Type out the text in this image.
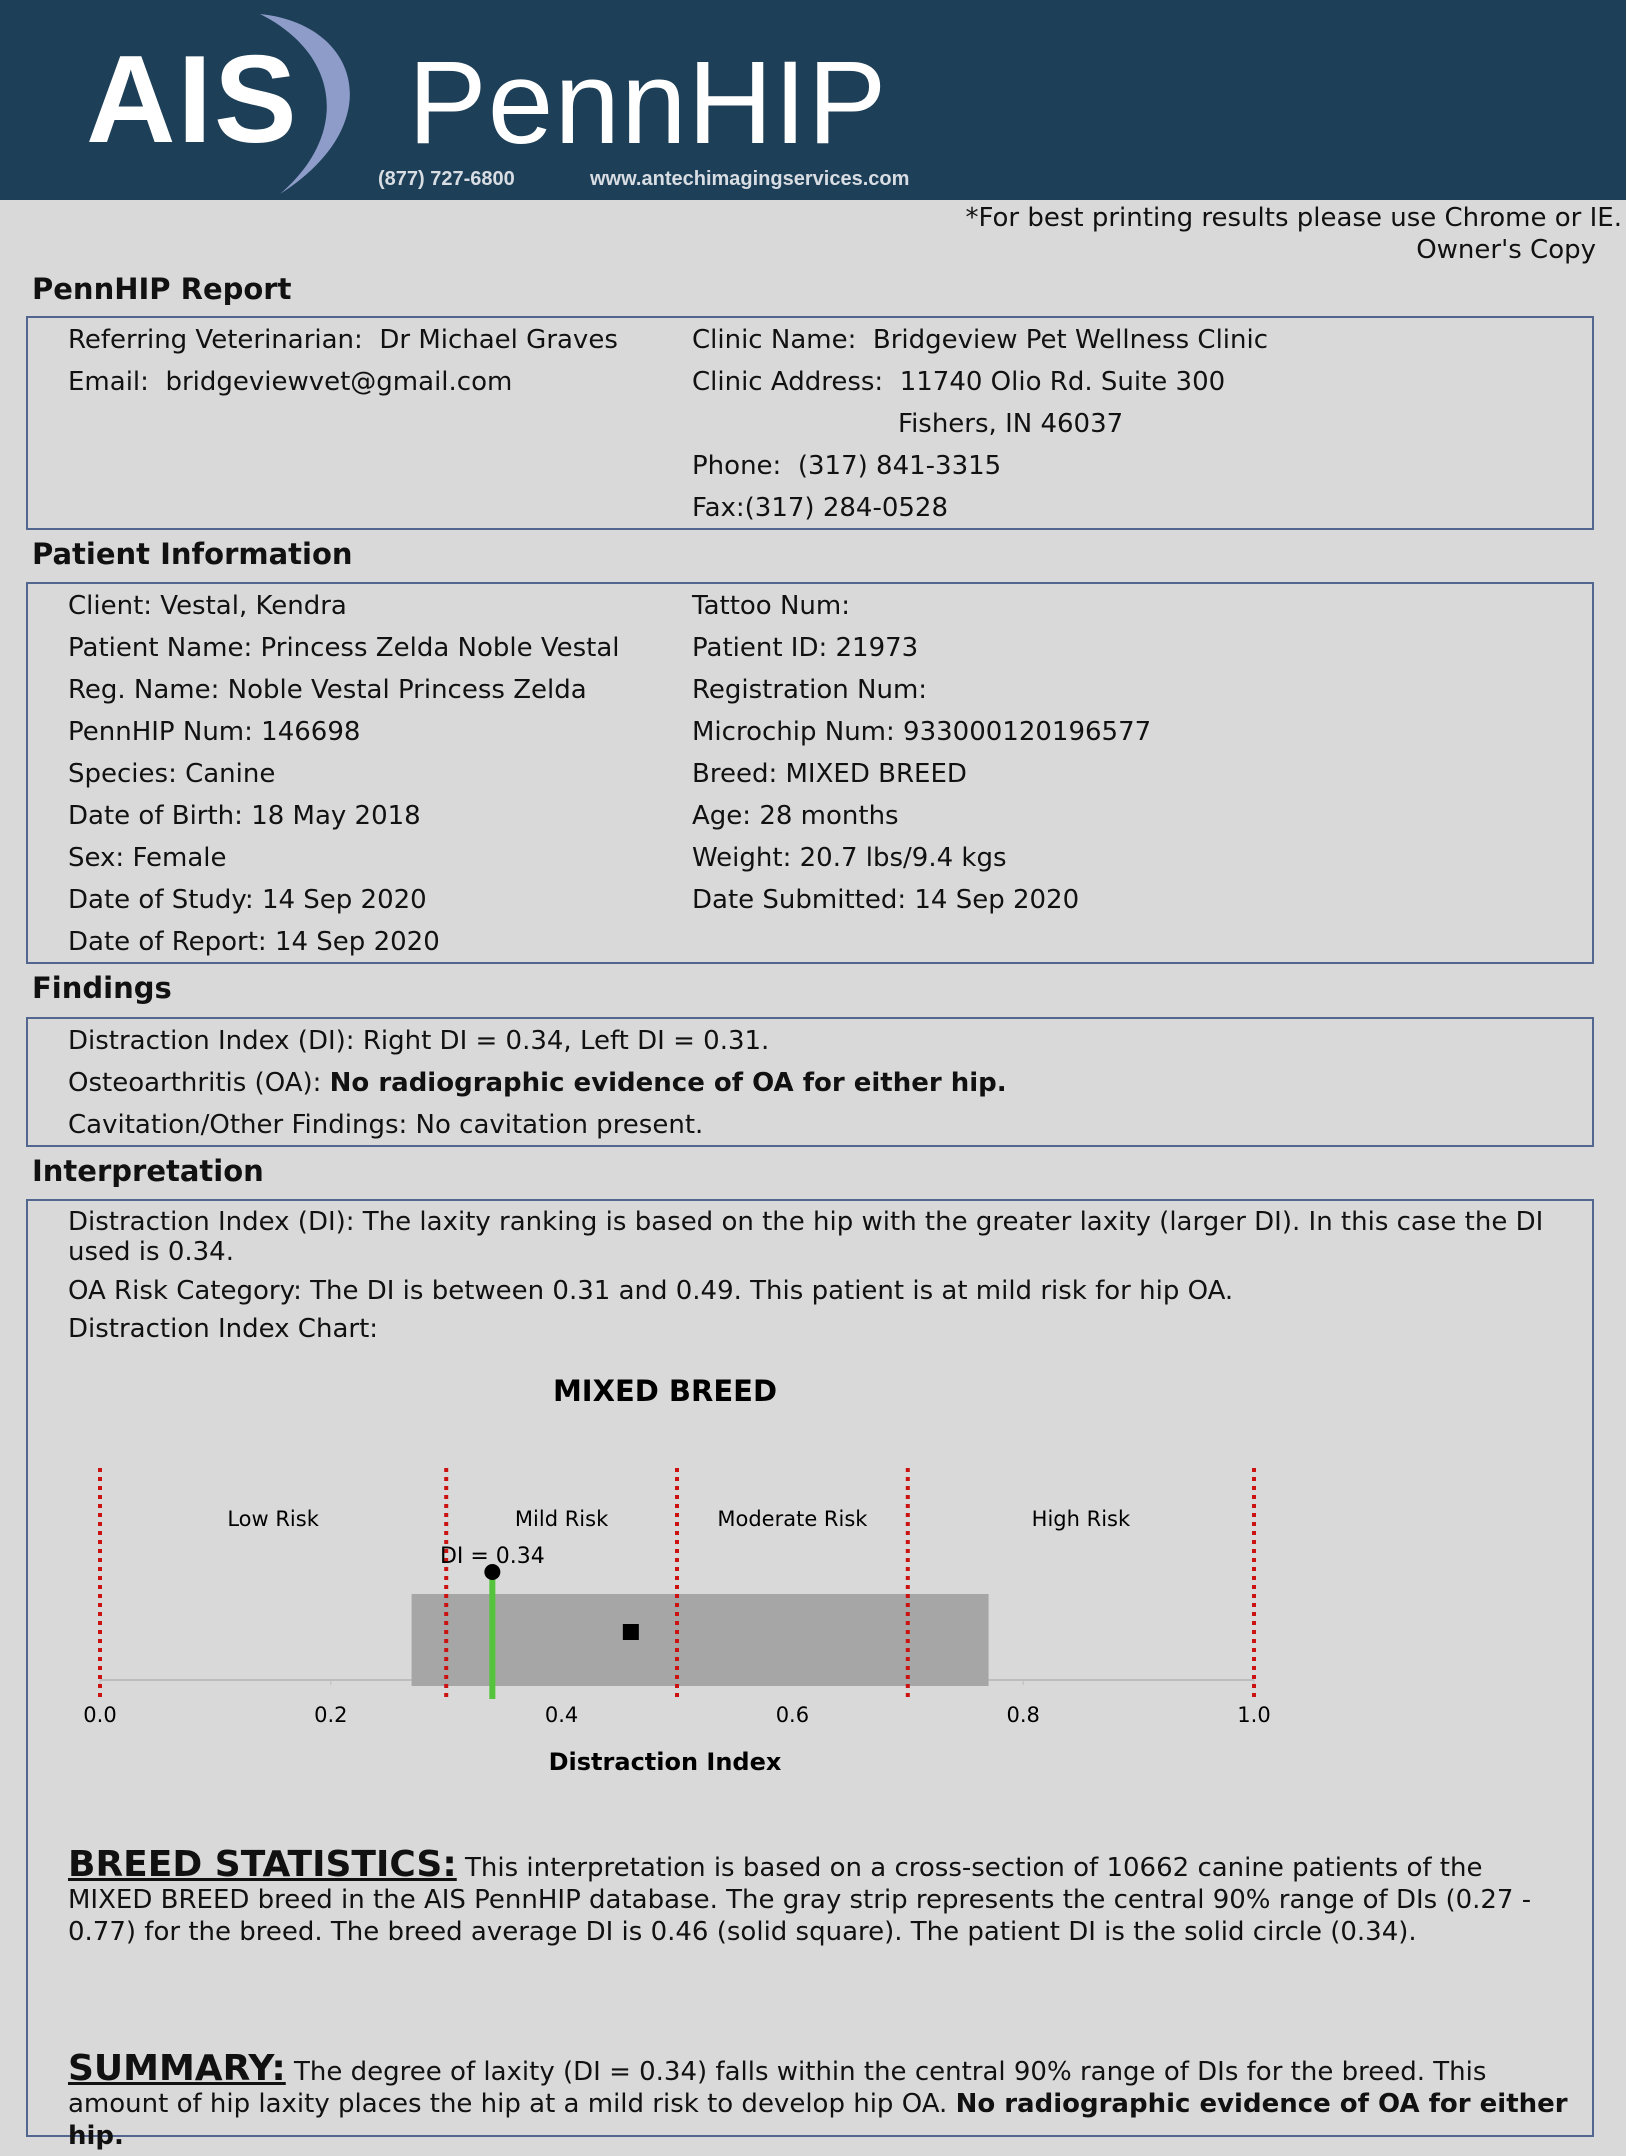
AIS PennHIP
(877) 727-6800	www.antechimagingservices.com
*For best printing results please use Chrome or IE.
Owner's Copy
PennHIP Report
Referring Veterinarian: Dr Michael Graves
Email: bridgeviewvet@gmail.com
Clinic Name: Bridgeview Pet Wellness Clinic
Clinic Address: 11740 Olio Rd. Suite 300
Fishers, IN 46037
Phone: (317) 841-3315
Fax:(317) 284-0528
Patient Information
Client: Vestal, Kendra
Patient Name: Princess Zelda Noble Vestal
Reg. Name: Noble Vestal Princess Zelda
PennHIP Num: 146698
Species: Canine
Date of Birth: 18 May 2018
Sex: Female
Date of Study: 14 Sep 2020
Date of Report: 14 Sep 2020
Tattoo Num:
Patient ID: 21973
Registration Num:
Microchip Num: 933000120196577
Breed: MIXED BREED
Age: 28 months
Weight: 20.7 lbs/9.4 kgs
Date Submitted: 14 Sep 2020
Findings
Distraction Index (DI): Right DI = 0.34, Left DI = 0.31.
Osteoarthritis (OA): No radiographic evidence of OA for either hip.
Cavitation/Other Findings: No cavitation present.
Interpretation
Distraction Index (DI): The laxity ranking is based on the hip with the greater laxity (larger DI). In this case the DI used is 0.34.
OA Risk Category: The DI is between 0.31 and 0.49. This patient is at mild risk for hip OA.
Distraction Index Chart:
MIXED BREED
Distraction Index
0.0	0.2	0.4	0.6	0.8	1.0
Low Risk	Mild Risk	Moderate Risk	High Risk
DI = 0.34
BREED STATISTICS: This interpretation is based on a cross-section of 10662 canine patients of the MIXED BREED breed in the AIS PennHIP database. The gray strip represents the central 90% range of DIs (0.27 - 0.77) for the breed. The breed average DI is 0.46 (solid square). The patient DI is the solid circle (0.34).
SUMMARY: The degree of laxity (DI = 0.34) falls within the central 90% range of DIs for the breed. This amount of hip laxity places the hip at a mild risk to develop hip OA. No radiographic evidence of OA for either hip.
